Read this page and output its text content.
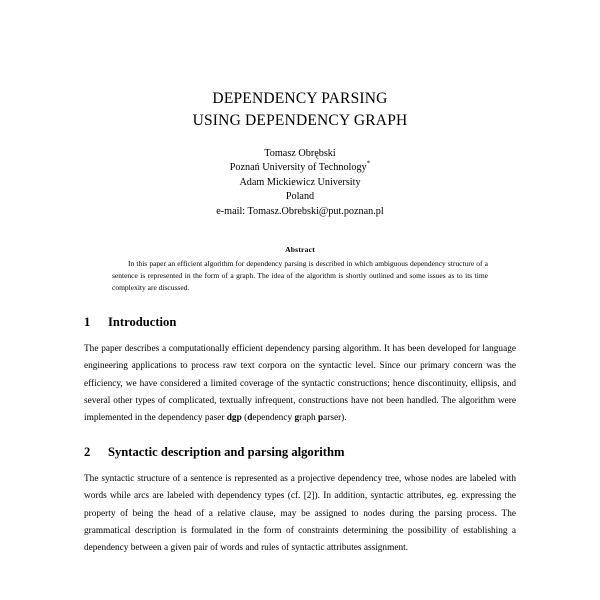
DEPENDENCY PARSING
USING DEPENDENCY GRAPH
Tomasz Obrębski
Poznań University of Technology*
Adam Mickiewicz University
Poland
e-mail: Tomasz.Obrebski@put.poznan.pl
Abstract
In this paper an efficient algorithm for dependency parsing is described in which ambiguous dependency structure of a sentence is represented in the form of a graph. The idea of the algorithm is shortly outlined and some issues as to its time complexity are discussed.
1	Introduction

The paper describes a computationally efficient dependency parsing algorithm. It has been developed for language engineering applications to process raw text corpora on the syntactic level. Since our primary concern was the efficiency, we have considered a limited coverage of the syntactic constructions; hence discontinuity, ellipsis, and several other types of complicated, textually infrequent, constructions have not been handled. The algorithm were implemented in the dependency paser dgp (dependency graph parser).

2	Syntactic description and parsing algorithm

The syntactic structure of a sentence is represented as a projective dependency tree, whose nodes are labeled with words while arcs are labeled with dependency types (cf. [2]). In addition, syntactic attributes, eg. expressing the property of being the head of a relative clause, may be assigned to nodes during the parsing process. The grammatical description is formulated in the form of constraints determining the possibility of establishing a dependency between a given pair of words and rules of syntactic attributes assignment.
